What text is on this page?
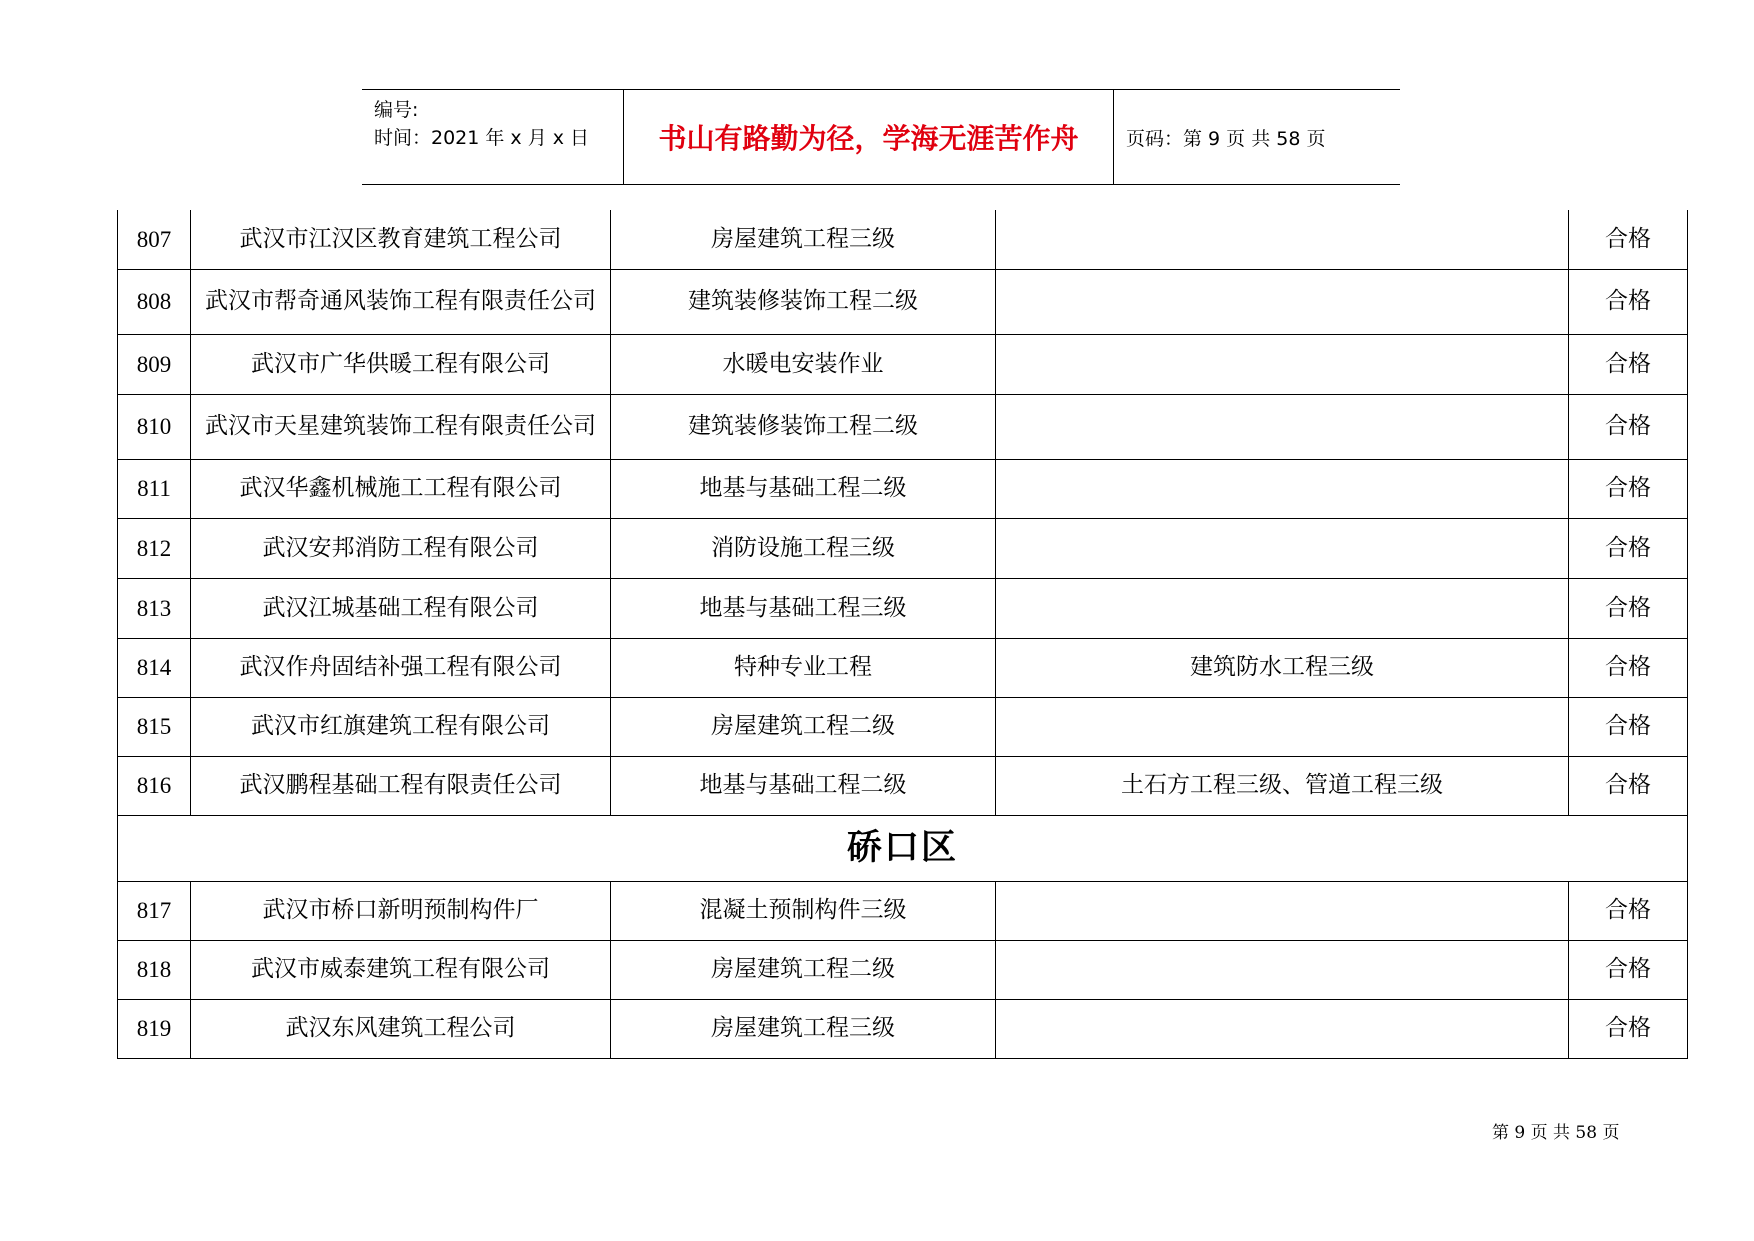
编号:
时间：2021 年 x 月 x 日	书山有路勤为径，学海无涯苦作舟	页码：第 9 页 共 58 页
807	武汉市江汉区教育建筑工程公司	房屋建筑工程三级		合格
808	武汉市帮奇通风装饰工程有限责任公司	建筑装修装饰工程二级		合格
809	武汉市广华供暖工程有限公司	水暖电安装作业		合格
810	武汉市天星建筑装饰工程有限责任公司	建筑装修装饰工程二级		合格
811	武汉华鑫机械施工工程有限公司	地基与基础工程二级		合格
812	武汉安邦消防工程有限公司	消防设施工程三级		合格
813	武汉江城基础工程有限公司	地基与基础工程三级		合格
814	武汉作舟固结补强工程有限公司	特种专业工程	建筑防水工程三级	合格
815	武汉市红旗建筑工程有限公司	房屋建筑工程二级		合格
816	武汉鹏程基础工程有限责任公司	地基与基础工程二级	土石方工程三级、管道工程三级	合格
硚口区				
817	武汉市桥口新明预制构件厂	混凝土预制构件三级		合格
818	武汉市威泰建筑工程有限公司	房屋建筑工程二级		合格
819	武汉东风建筑工程公司	房屋建筑工程三级		合格
第 9 页 共 58 页
